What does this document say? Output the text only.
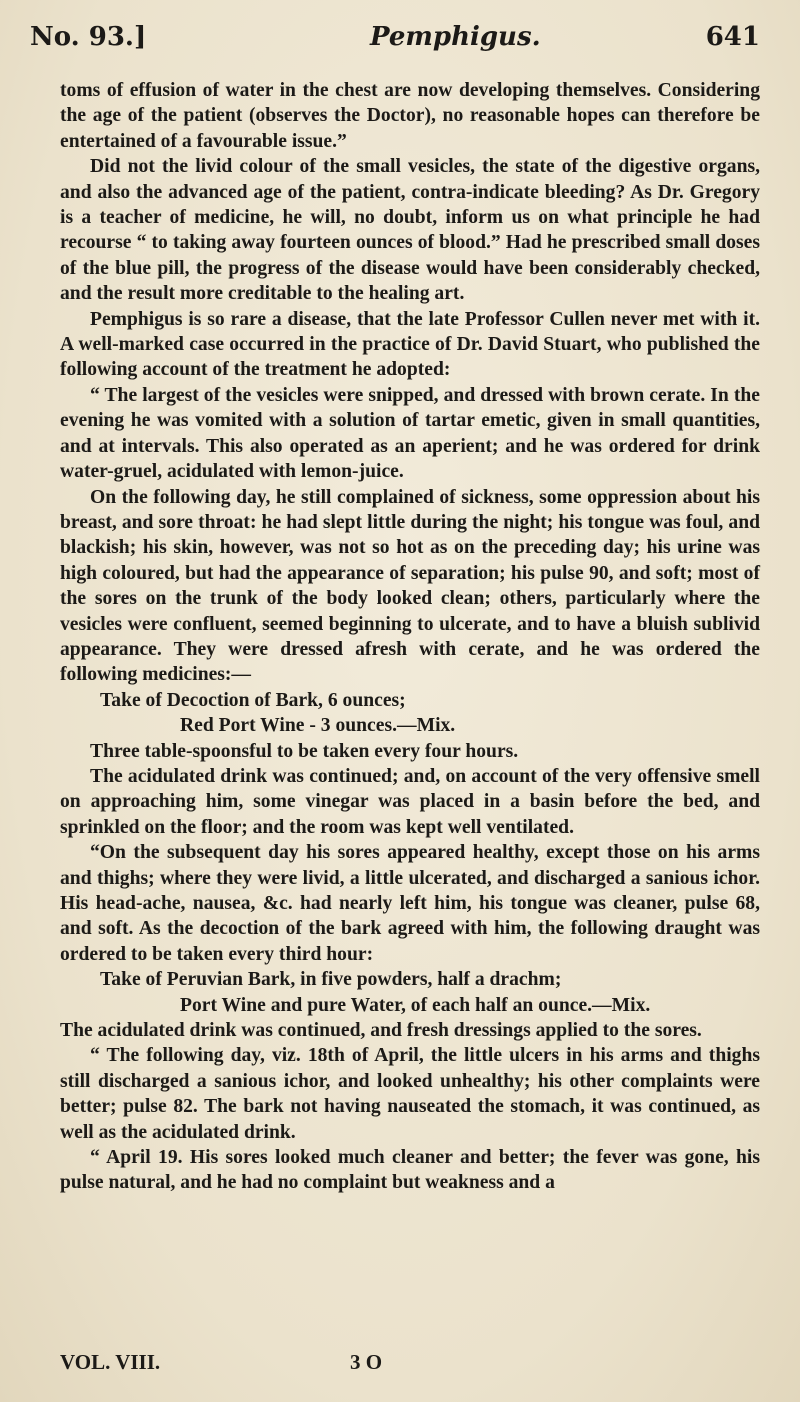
No. 93.]	Pemphigus.	641

toms of effusion of water in the chest are now developing themselves. Considering the age of the patient (observes the Doctor), no reasonable hopes can therefore be entertained of a favourable issue.”

Did not the livid colour of the small vesicles, the state of the digestive organs, and also the advanced age of the patient, contra-indicate bleeding? As Dr. Gregory is a teacher of medicine, he will, no doubt, inform us on what principle he had recourse “ to taking away fourteen ounces of blood.” Had he prescribed small doses of the blue pill, the progress of the disease would have been considerably checked, and the result more creditable to the healing art.

Pemphigus is so rare a disease, that the late Professor Cullen never met with it. A well-marked case occurred in the practice of Dr. David Stuart, who published the following account of the treatment he adopted:

“ The largest of the vesicles were snipped, and dressed with brown cerate. In the evening he was vomited with a solution of tartar emetic, given in small quantities, and at intervals. This also operated as an aperient; and he was ordered for drink water-gruel, acidulated with lemon-juice.

On the following day, he still complained of sickness, some oppression about his breast, and sore throat: he had slept little during the night; his tongue was foul, and blackish; his skin, however, was not so hot as on the preceding day; his urine was high coloured, but had the appearance of separation; his pulse 90, and soft; most of the sores on the trunk of the body looked clean; others, particularly where the vesicles were confluent, seemed beginning to ulcerate, and to have a bluish sublivid appearance. They were dressed afresh with cerate, and he was ordered the following medicines:—

Take of Decoction of Bark, 6 ounces;

Red Port Wine - 3 ounces.—Mix.

Three table-spoonsful to be taken every four hours.

The acidulated drink was continued; and, on account of the very offensive smell on approaching him, some vinegar was placed in a basin before the bed, and sprinkled on the floor; and the room was kept well ventilated.

“On the subsequent day his sores appeared healthy, except those on his arms and thighs; where they were livid, a little ulcerated, and discharged a sanious ichor. His head-ache, nausea, &c. had nearly left him, his tongue was cleaner, pulse 68, and soft. As the decoction of the bark agreed with him, the following draught was ordered to be taken every third hour:

Take of Peruvian Bark, in five powders, half a drachm;

Port Wine and pure Water, of each half an ounce.—Mix.

The acidulated drink was continued, and fresh dressings applied to the sores.

“ The following day, viz. 18th of April, the little ulcers in his arms and thighs still discharged a sanious ichor, and looked unhealthy; his other complaints were better; pulse 82. The bark not having nauseated the stomach, it was continued, as well as the acidulated drink.

“ April 19. His sores looked much cleaner and better; the fever was gone, his pulse natural, and he had no complaint but weakness and a

VOL. VIII.	3 O
